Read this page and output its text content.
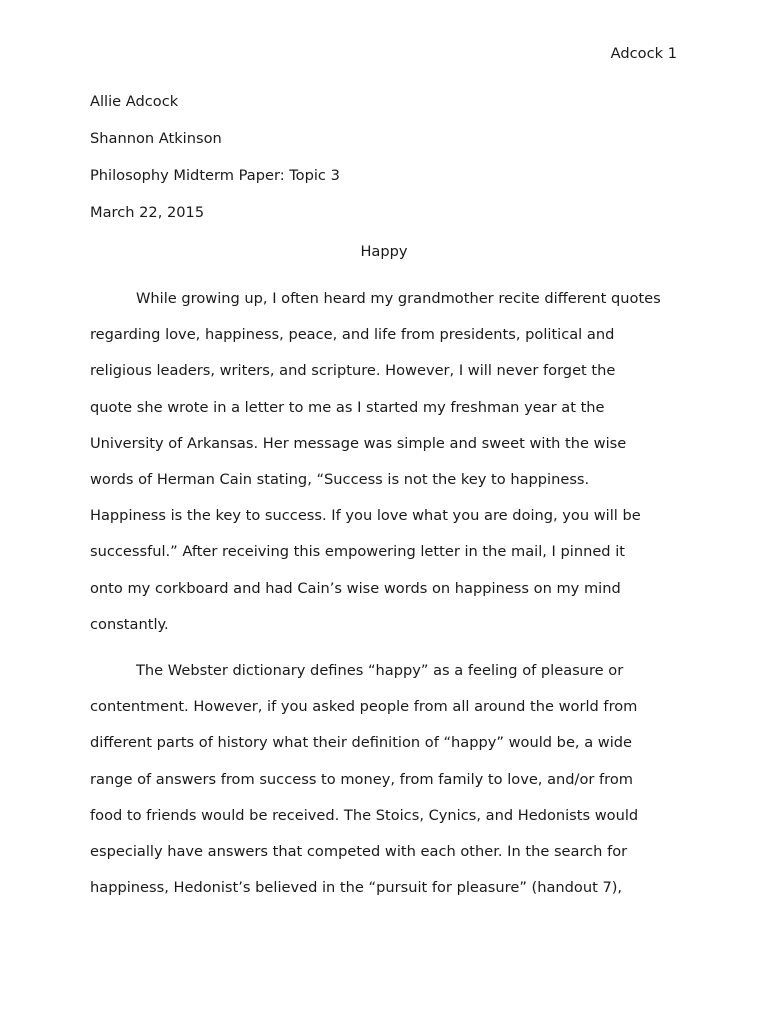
Adcock 1
Allie Adcock
Shannon Atkinson
Philosophy Midterm Paper: Topic 3
March 22, 2015
Happy
While growing up, I often heard my grandmother recite different quotes
regarding love, happiness, peace, and life from presidents, political and
religious leaders, writers, and scripture. However, I will never forget the
quote she wrote in a letter to me as I started my freshman year at the
University of Arkansas. Her message was simple and sweet with the wise
words of Herman Cain stating, “Success is not the key to happiness.
Happiness is the key to success. If you love what you are doing, you will be
successful.” After receiving this empowering letter in the mail, I pinned it
onto my corkboard and had Cain’s wise words on happiness on my mind
constantly.
The Webster dictionary defines “happy” as a feeling of pleasure or
contentment. However, if you asked people from all around the world from
different parts of history what their definition of “happy” would be, a wide
range of answers from success to money, from family to love, and/or from
food to friends would be received. The Stoics, Cynics, and Hedonists would
especially have answers that competed with each other. In the search for
happiness, Hedonist’s believed in the “pursuit for pleasure” (handout 7),
